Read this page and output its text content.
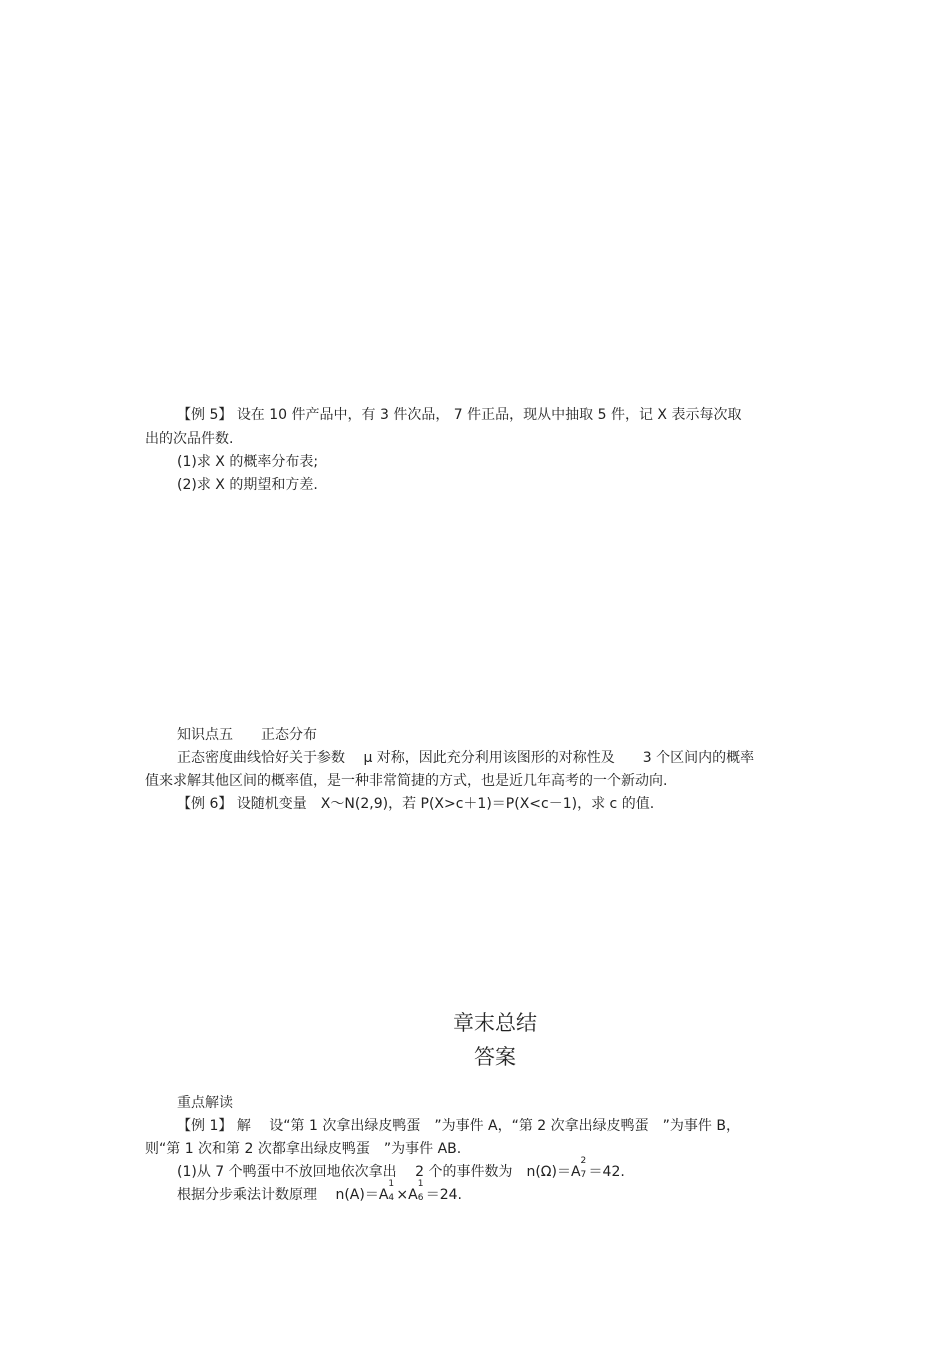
【例 5】 设在 10 件产品中，有 3 件次品， 7 件正品，现从中抽取 5 件，记 X 表示每次取
出的次品件数.
(1)求 X 的概率分布表;
(2)求 X 的期望和方差.
知识点五　　正态分布
正态密度曲线恰好关于参数　 μ 对称，因此充分利用该图形的对称性及　　3 个区间内的概率
值来求解其他区间的概率值，是一种非常简捷的方式，也是近几年高考的一个新动向.
【例 6】 设随机变量　X～N(2,9)，若 P(X>c＋1)＝P(X<c－1)，求 c 的值.
章末总结
答案
重点解读
【例 1】 解　 设“第 1 次拿出绿皮鸭蛋　”为事件 A，“第 2 次拿出绿皮鸭蛋　”为事件 B，
则“第 1 次和第 2 次都拿出绿皮鸭蛋　”为事件 AB.
(1)从 7 个鸭蛋中不放回地依次拿出　 2 个的事件数为　n(Ω)＝A
2
7 ＝42.
根据分步乘法计数原理　 n(A)＝A
1
4 ×A
1
6 ＝24.
